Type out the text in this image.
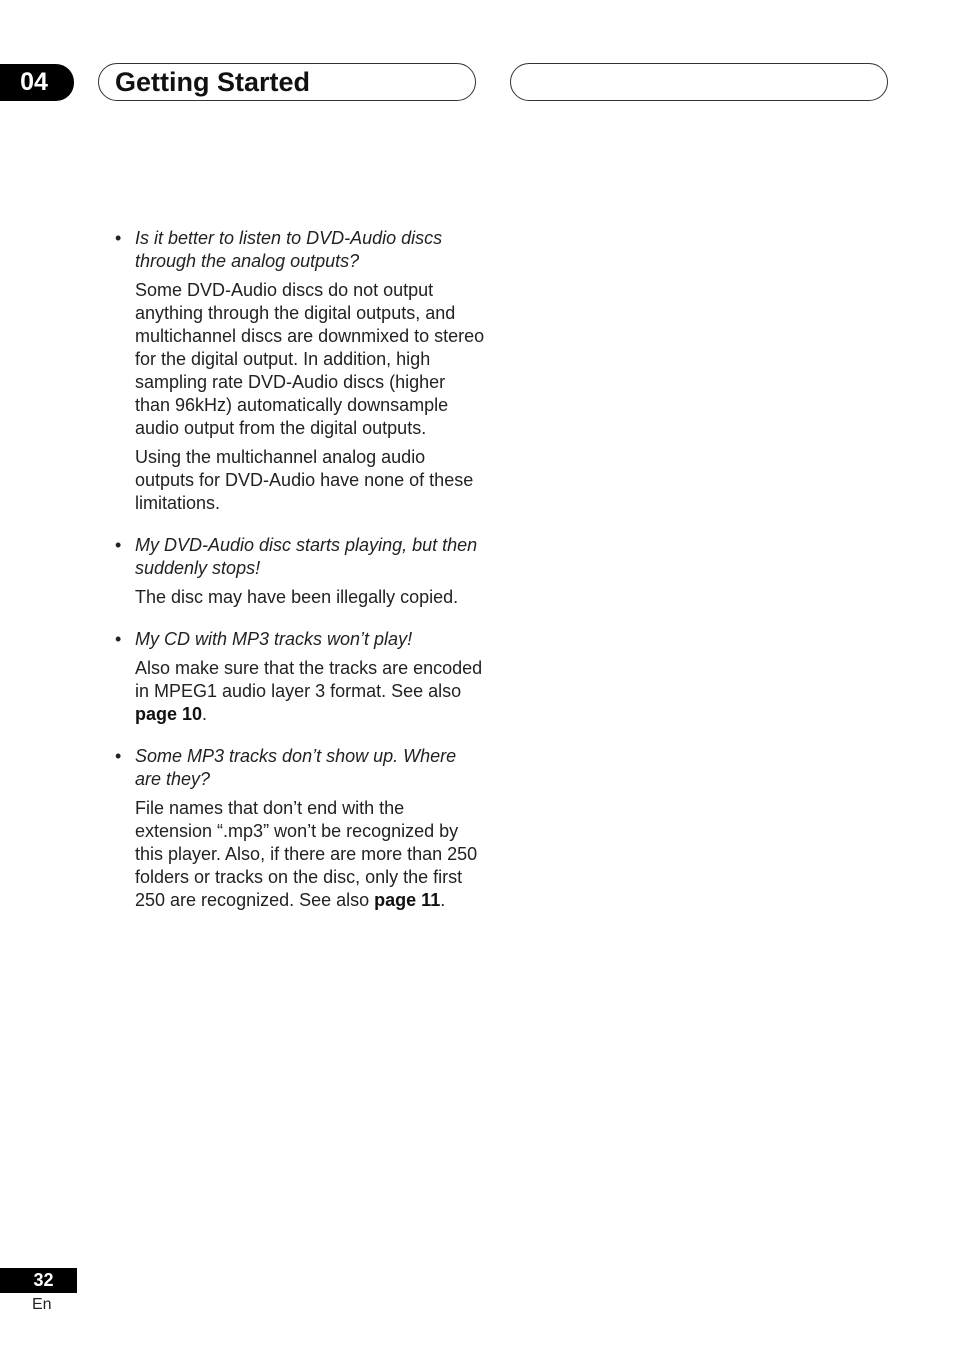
04	Getting Started
• Is it better to listen to DVD-Audio discs through the analog outputs?
Some DVD-Audio discs do not output anything through the digital outputs, and multichannel discs are downmixed to stereo for the digital output. In addition, high sampling rate DVD-Audio discs (higher than 96kHz) automatically downsample audio output from the digital outputs.
Using the multichannel analog audio outputs for DVD-Audio have none of these limitations.
• My DVD-Audio disc starts playing, but then suddenly stops!
The disc may have been illegally copied.
• My CD with MP3 tracks won’t play!
Also make sure that the tracks are encoded in MPEG1 audio layer 3 format. See also page 10.
• Some MP3 tracks don’t show up. Where are they?
File names that don’t end with the extension “.mp3” won’t be recognized by this player. Also, if there are more than 250 folders or tracks on the disc, only the first 250 are recognized. See also page 11.
32
En
